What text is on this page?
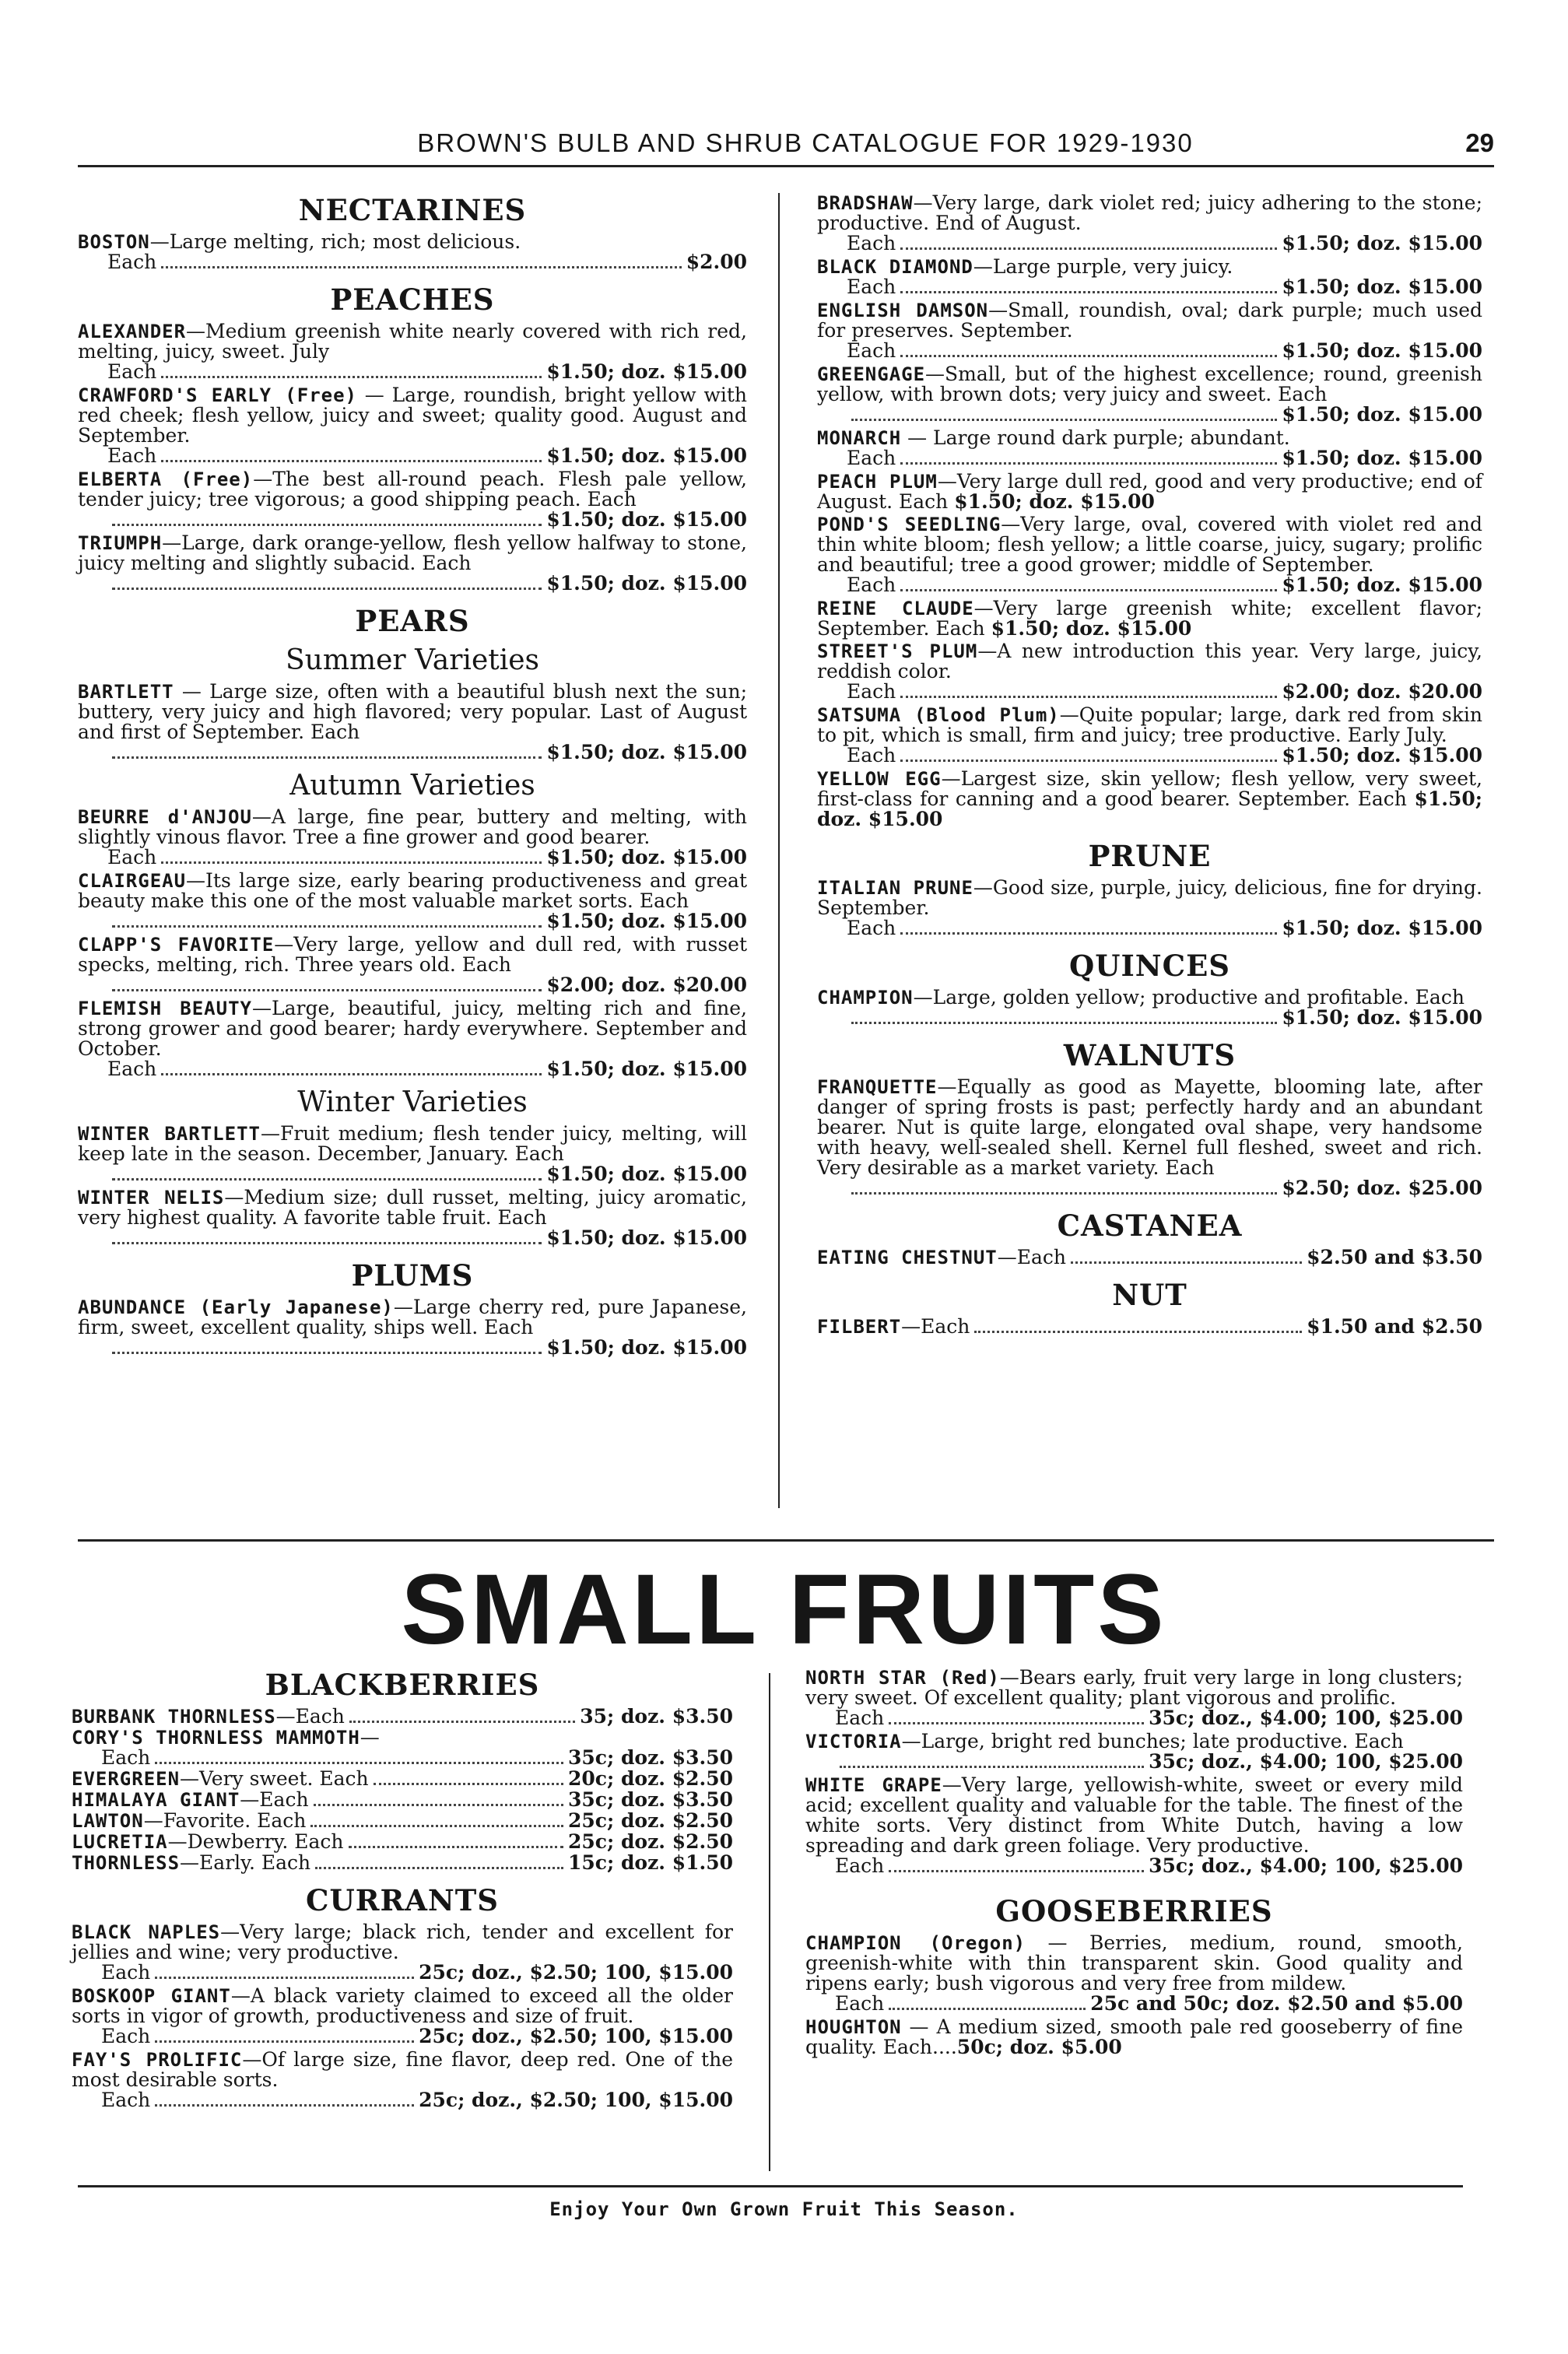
BROWN'S BULB AND SHRUB CATALOGUE FOR 1929-1930	29
NECTARINES
BOSTON—Large melting, rich; most delicious.
Each	$2.00
PEACHES
ALEXANDER—Medium greenish white nearly covered with rich red, melting, juicy, sweet. July
Each	$1.50; doz. $15.00
CRAWFORD'S EARLY (Free) — Large, roundish, bright yellow with red cheek; flesh yellow, juicy and sweet; quality good. August and September.
Each	$1.50; doz. $15.00
ELBERTA (Free)—The best all-round peach. Flesh pale yellow, tender juicy; tree vigorous; a good shipping peach. Each
$1.50; doz. $15.00
TRIUMPH—Large, dark orange-yellow, flesh yellow halfway to stone, juicy melting and slightly subacid. Each
$1.50; doz. $15.00
PEARS
Summer Varieties
BARTLETT — Large size, often with a beautiful blush next the sun; buttery, very juicy and high flavored; very popular. Last of August and first of September. Each
$1.50; doz. $15.00
Autumn Varieties
BEURRE d'ANJOU—A large, fine pear, buttery and melting, with slightly vinous flavor. Tree a fine grower and good bearer.
Each	$1.50; doz. $15.00
CLAIRGEAU—Its large size, early bearing productiveness and great beauty make this one of the most valuable market sorts. Each
$1.50; doz. $15.00
CLAPP'S FAVORITE—Very large, yellow and dull red, with russet specks, melting, rich. Three years old. Each
$2.00; doz. $20.00
FLEMISH BEAUTY—Large, beautiful, juicy, melting rich and fine, strong grower and good bearer; hardy everywhere. September and October.
Each	$1.50; doz. $15.00
Winter Varieties
WINTER BARTLETT—Fruit medium; flesh tender juicy, melting, will keep late in the season. December, January. Each
$1.50; doz. $15.00
WINTER NELIS—Medium size; dull russet, melting, juicy aromatic, very highest quality. A favorite table fruit. Each
$1.50; doz. $15.00
PLUMS
ABUNDANCE (Early Japanese)—Large cherry red, pure Japanese, firm, sweet, excellent quality, ships well. Each
$1.50; doz. $15.00
BRADSHAW—Very large, dark violet red; juicy adhering to the stone; productive. End of August.
Each	$1.50; doz. $15.00
BLACK DIAMOND—Large purple, very juicy.
Each	$1.50; doz. $15.00
ENGLISH DAMSON—Small, roundish, oval; dark purple; much used for preserves. September.
Each	$1.50; doz. $15.00
GREENGAGE—Small, but of the highest excellence; round, greenish yellow, with brown dots; very juicy and sweet. Each
$1.50; doz. $15.00
MONARCH — Large round dark purple; abundant.
Each	$1.50; doz. $15.00
PEACH PLUM—Very large dull red, good and very productive; end of August. Each $1.50; doz. $15.00
POND'S SEEDLING—Very large, oval, covered with violet red and thin white bloom; flesh yellow; a little coarse, juicy, sugary; prolific and beautiful; tree a good grower; middle of September.
Each	$1.50; doz. $15.00
REINE CLAUDE—Very large greenish white; excellent flavor; September. Each $1.50; doz. $15.00
STREET'S PLUM—A new introduction this year. Very large, juicy, reddish color.
Each	$2.00; doz. $20.00
SATSUMA (Blood Plum)—Quite popular; large, dark red from skin to pit, which is small, firm and juicy; tree productive. Early July.
Each	$1.50; doz. $15.00
YELLOW EGG—Largest size, skin yellow; flesh yellow, very sweet, first-class for canning and a good bearer. September. Each $1.50; doz. $15.00
PRUNE
ITALIAN PRUNE—Good size, purple, juicy, delicious, fine for drying. September.
Each	$1.50; doz. $15.00
QUINCES
CHAMPION—Large, golden yellow; productive and profitable. Each
$1.50; doz. $15.00
WALNUTS
FRANQUETTE—Equally as good as Mayette, blooming late, after danger of spring frosts is past; perfectly hardy and an abundant bearer. Nut is quite large, elongated oval shape, very handsome with heavy, well-sealed shell. Kernel full fleshed, sweet and rich. Very desirable as a market variety. Each
$2.50; doz. $25.00
CASTANEA
EATING CHESTNUT—Each	$2.50 and $3.50
NUT
FILBERT—Each	$1.50 and $2.50
SMALL FRUITS
BLACKBERRIES
BURBANK THORNLESS—Each	35; doz. $3.50
CORY'S THORNLESS MAMMOTH—
Each	35c; doz. $3.50
EVERGREEN—Very sweet. Each	20c; doz. $2.50
HIMALAYA GIANT—Each	35c; doz. $3.50
LAWTON—Favorite. Each	25c; doz. $2.50
LUCRETIA—Dewberry. Each	25c; doz. $2.50
THORNLESS—Early. Each	15c; doz. $1.50
CURRANTS
BLACK NAPLES—Very large; black rich, tender and excellent for jellies and wine; very productive.
Each	25c; doz., $2.50; 100, $15.00
BOSKOOP GIANT—A black variety claimed to exceed all the older sorts in vigor of growth, productiveness and size of fruit.
Each	25c; doz., $2.50; 100, $15.00
FAY'S PROLIFIC—Of large size, fine flavor, deep red. One of the most desirable sorts.
Each	25c; doz., $2.50; 100, $15.00
NORTH STAR (Red)—Bears early, fruit very large in long clusters; very sweet. Of excellent quality; plant vigorous and prolific.
Each	35c; doz., $4.00; 100, $25.00
VICTORIA—Large, bright red bunches; late productive. Each
35c; doz., $4.00; 100, $25.00
WHITE GRAPE—Very large, yellowish-white, sweet or every mild acid; excellent quality and valuable for the table. The finest of the white sorts. Very distinct from White Dutch, having a low spreading and dark green foliage. Very productive.
Each	35c; doz., $4.00; 100, $25.00
GOOSEBERRIES
CHAMPION (Oregon) — Berries, medium, round, smooth, greenish-white with thin transparent skin. Good quality and ripens early; bush vigorous and very free from mildew.
Each	25c and 50c; doz. $2.50 and $5.00
HOUGHTON — A medium sized, smooth pale red gooseberry of fine quality. Each....50c; doz. $5.00
Enjoy Your Own Grown Fruit This Season.
